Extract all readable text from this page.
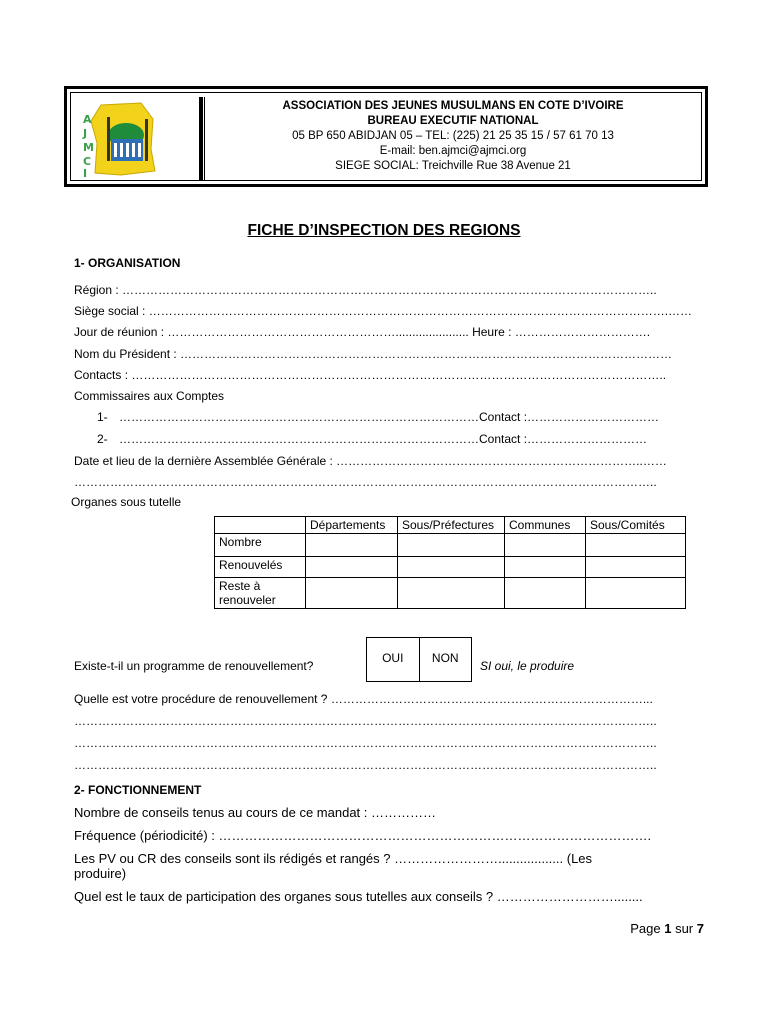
A
J
M
C
I
ASSOCIATION DES JEUNES MUSULMANS EN COTE D’IVOIRE
BUREAU EXECUTIF NATIONAL
05 BP 650 ABIDJAN 05 – TEL: (225) 21 25 35 15 / 57 61 70 13
E-mail: ben.ajmci@ajmci.org
SIEGE SOCIAL: Treichville Rue 38 Avenue 21
FICHE D’INSPECTION DES REGIONS
1- ORGANISATION
Région : ……………………………………………………………………………………………………………………..
Siège social : ………………………………………………………………………………………………………………….……
Jour de réunion : …………………………………………………...................... Heure : …………………………….
Nom du Président : ……………………………………………………………………………………………………………
Contacts : ……………………………………………………………………………………………………………………..
Commissaires aux Comptes
1- ………………………………………………………………………………Contact :……………………………
2- ………………………………………………………………………………Contact :…………………………
Date et lieu de la dernière Assemblée Générale : …………………………………………………………………..……
………………………………………………………………………………………………………………………………..
Organes sous tutelle
	Départements	Sous/Préfectures	Communes	Sous/Comités
Nombre				
Renouvelés				
Reste à renouveler				
Existe-t-il un programme de renouvellement?
OUI	NON
SI oui, le produire
Quelle est votre procédure de renouvellement ? ……………………………………………………………………...
………………………………………………………………………………………………………………………………..
………………………………………………………………………………………………………………………………..
………………………………………………………………………………………………………………………………..
2- FONCTIONNEMENT
Nombre de conseils tenus au cours de ce mandat : ……………
Fréquence (périodicité) : ……………………………………………………………………………………….
Les PV ou CR des conseils sont ils rédigés et rangés ? …………………….................. (Les
produire)
Quel est le taux de participation des organes sous tutelles aux conseils ? ………………………........
Page 1 sur 7
